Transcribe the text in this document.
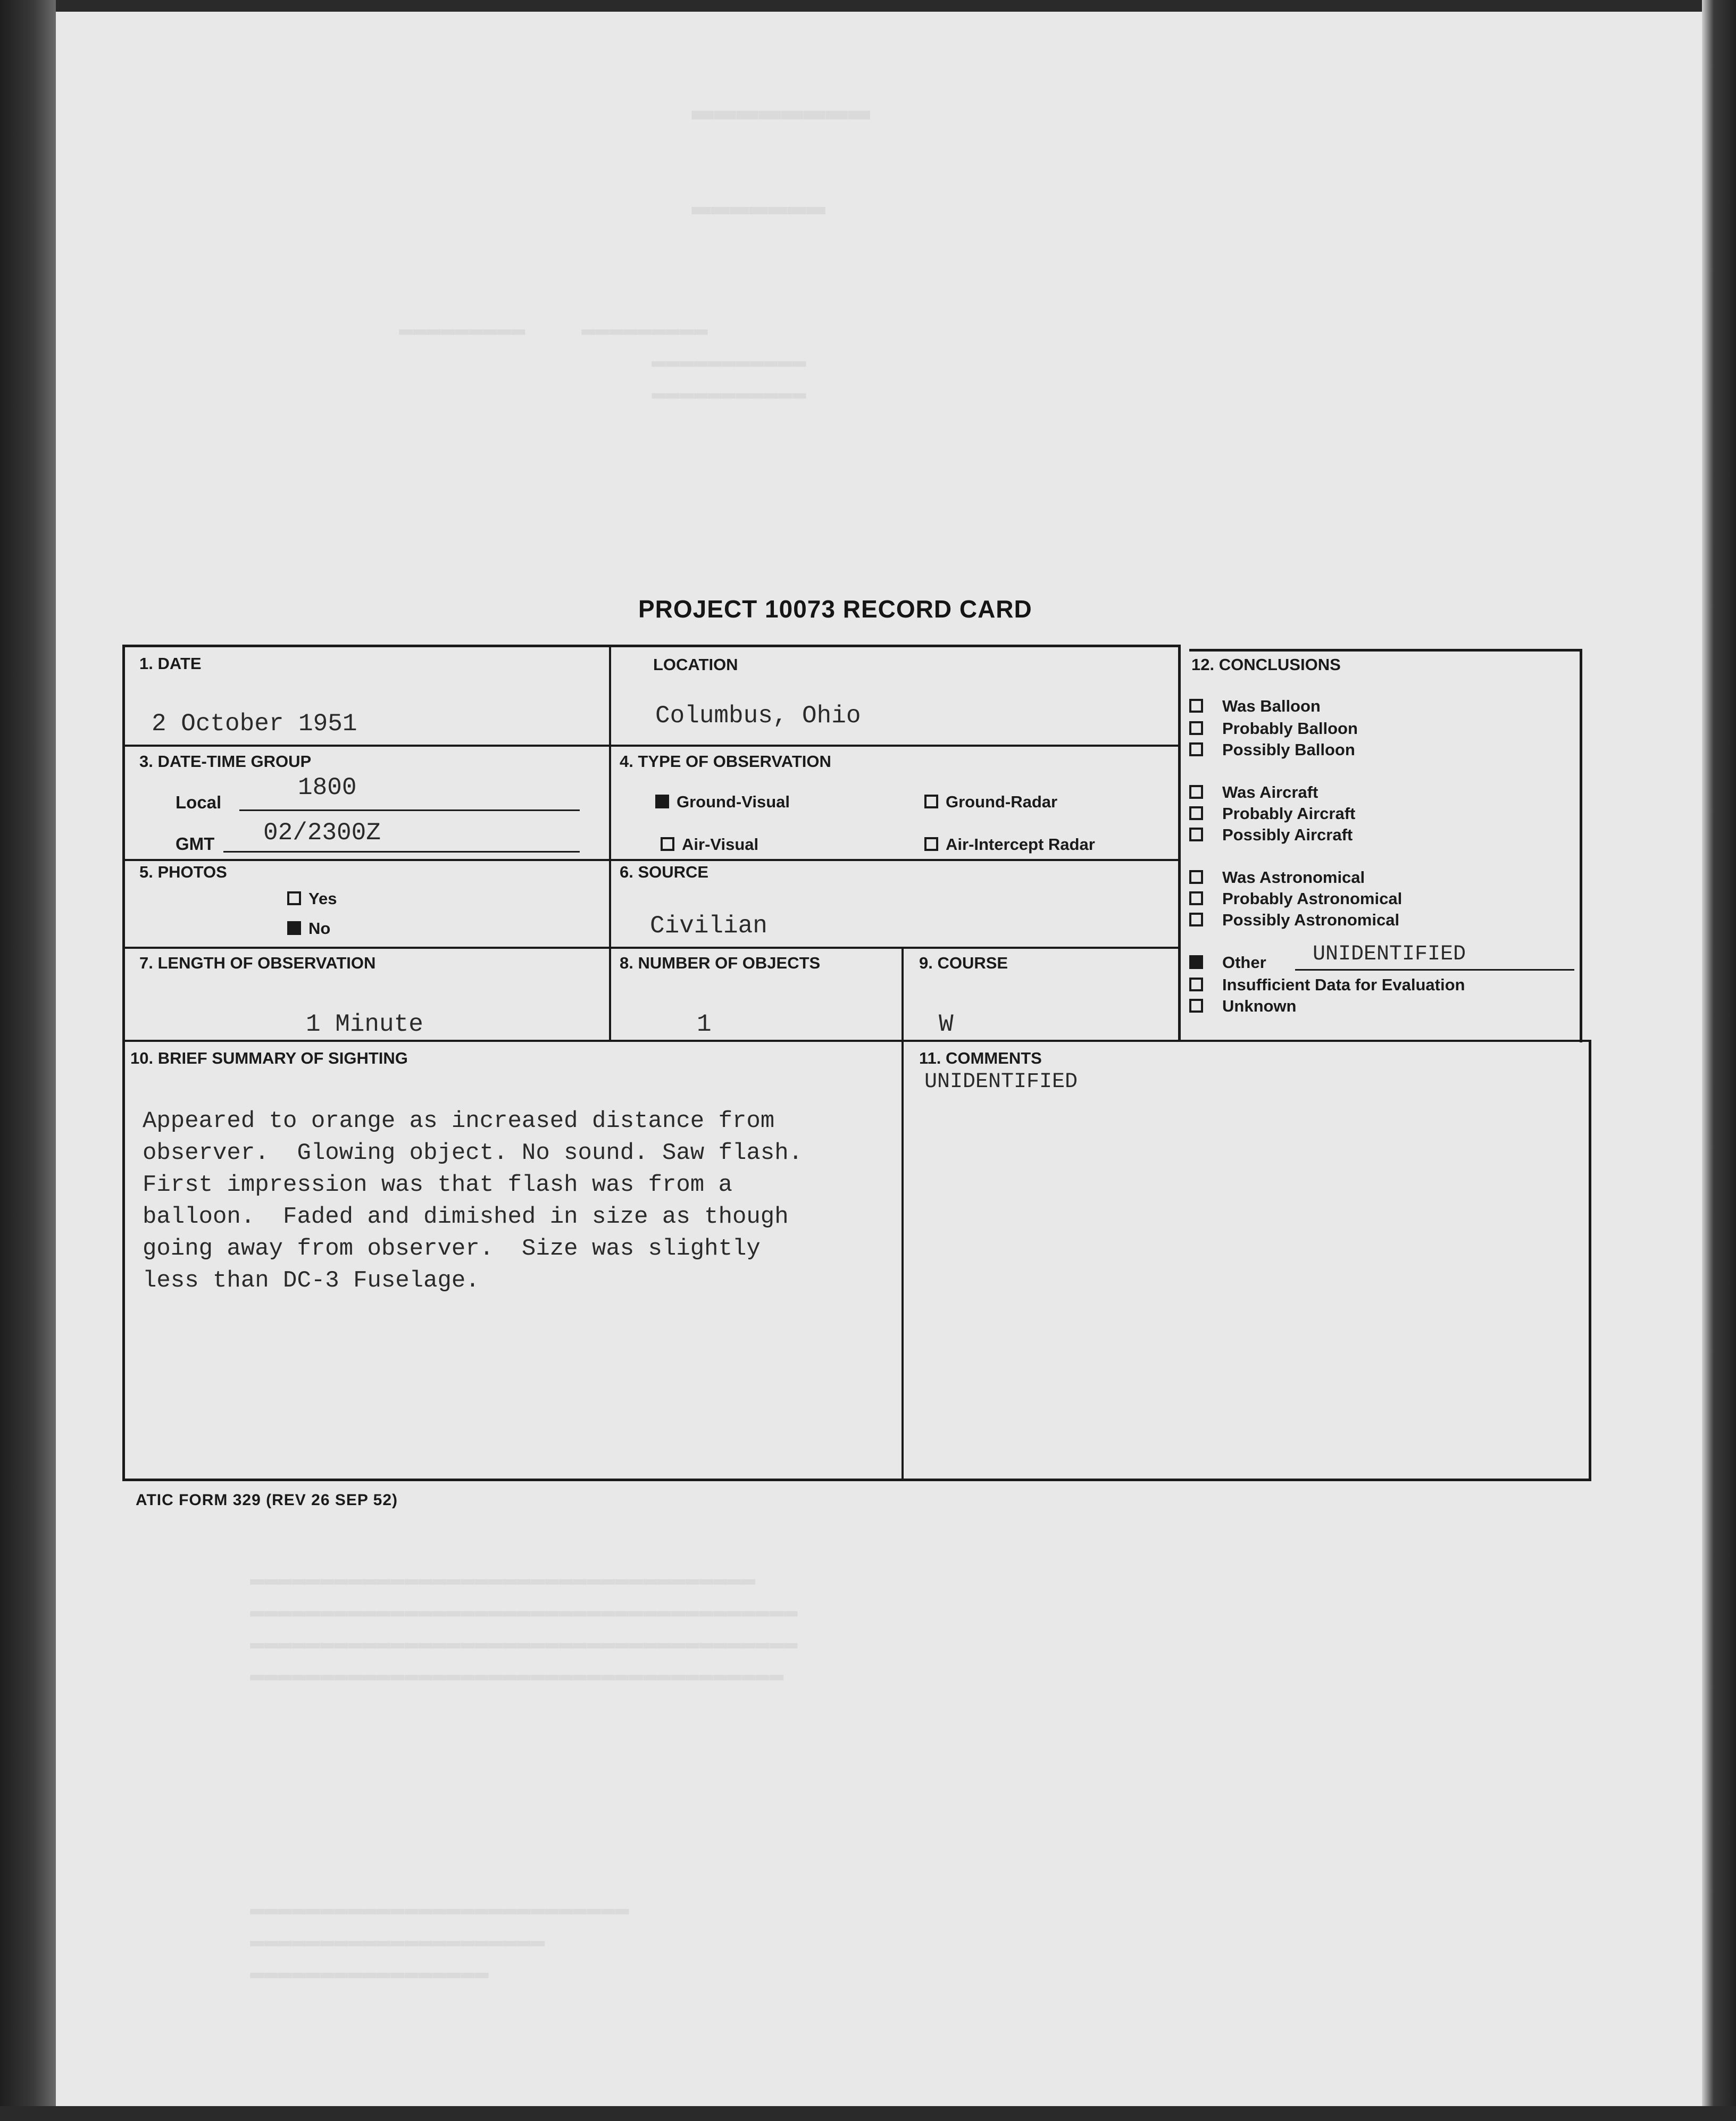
▬▬▬▬▬▬▬▬
▬▬▬▬▬▬▬
▬▬▬▬▬▬▬▬▬    ▬▬▬▬▬▬▬▬▬
▬▬▬▬▬▬▬▬▬▬▬
▬▬▬▬▬▬▬▬▬▬▬
▬▬▬▬▬▬▬▬▬▬▬▬▬▬▬▬▬▬▬▬▬▬▬▬▬▬▬▬▬▬▬▬▬▬▬▬
▬▬▬▬▬▬▬▬▬▬▬▬▬▬▬▬▬▬▬▬▬▬▬▬▬▬▬▬▬▬▬▬▬▬▬▬▬▬▬
▬▬▬▬▬▬▬▬▬▬▬▬▬▬▬▬▬▬▬▬▬▬▬▬▬▬▬▬▬▬▬▬▬▬▬▬▬▬▬
▬▬▬▬▬▬▬▬▬▬▬▬▬▬▬▬▬▬▬▬▬▬▬▬▬▬▬▬▬▬▬▬▬▬▬▬▬▬
▬▬▬▬▬▬▬▬▬▬▬▬▬▬▬▬▬▬▬▬▬▬▬▬▬▬▬
▬▬▬▬▬▬▬▬▬▬▬▬▬▬▬▬▬▬▬▬▬
▬▬▬▬▬▬▬▬▬▬▬▬▬▬▬▬▬
PROJECT 10073 RECORD CARD
1. DATE
2 October 1951
LOCATION
Columbus, Ohio
3. DATE-TIME GROUP
Local
1800
GMT 02/2300Z
4. TYPE OF OBSERVATION
Ground-Visual	Ground-Radar
Air-Visual	Air-Intercept Radar
5. PHOTOS
Yes
No
6. SOURCE
Civilian
7. LENGTH OF OBSERVATION
1 Minute
8. NUMBER OF OBJECTS
1
9. COURSE
W
10. BRIEF SUMMARY OF SIGHTING

Appeared to orange as increased distance from
observer.  Glowing object. No sound. Saw flash.
First impression was that flash was from a
balloon.  Faded and dimished in size as though
going away from observer.  Size was slightly
less than DC-3 Fuselage.

11. COMMENTS
UNIDENTIFIED
12. CONCLUSIONS
Was Balloon
Probably Balloon
Possibly Balloon
Was Aircraft
Probably Aircraft
Possibly Aircraft
Was Astronomical
Probably Astronomical
Possibly Astronomical
Other UNIDENTIFIED
Insufficient Data for Evaluation
Unknown
ATIC FORM 329 (REV 26 SEP 52)
